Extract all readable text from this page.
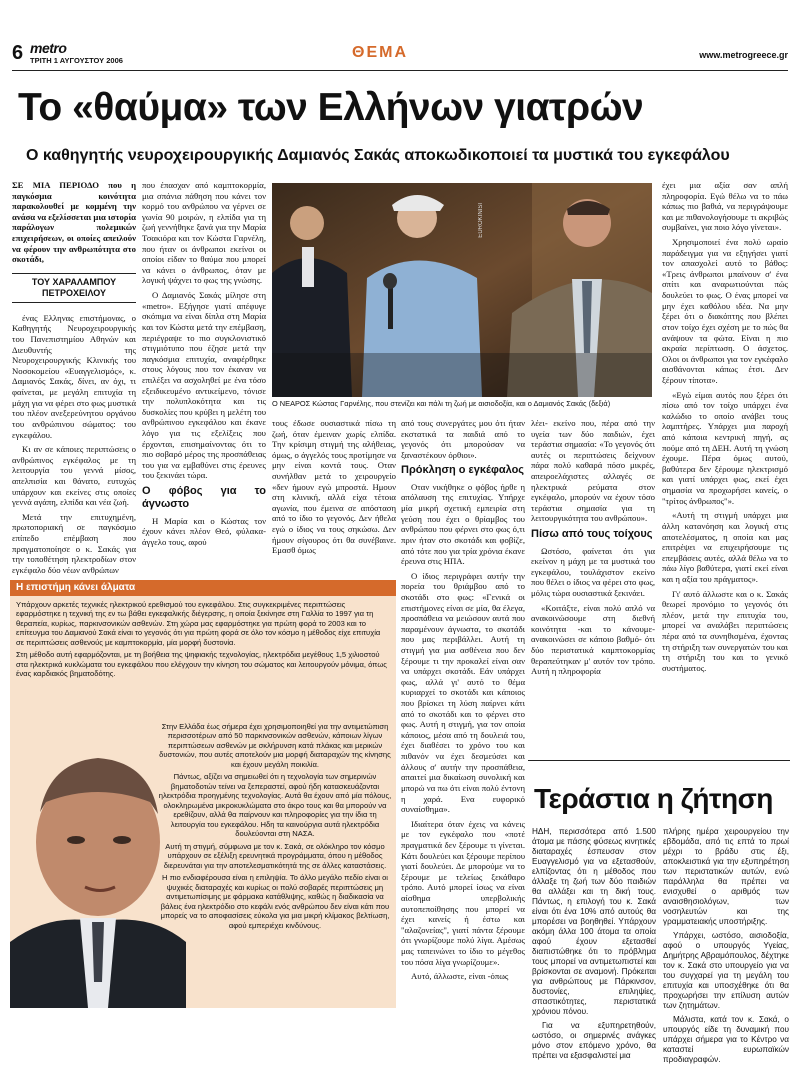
6 metro
ΤΡΙΤΗ 1 ΑΥΓΟΥΣΤΟΥ 2006	ΘΕΜΑ	www.metrogreece.gr
Το «θαύμα» των Ελλήνων γιατρών
Ο καθηγητής νευροχειρουργικής Δαμιανός Σακάς αποκωδικοποιεί τα μυστικά του εγκεφάλου

ΣΕ ΜΙΑ ΠΕΡΙΟΔΟ που η παγκόσμια κοινότητα παρακολουθεί με κομμένη την ανάσα να εξελίσσεται μια ιστορία παράλογων πολεμικών επιχειρήσεων, οι οποίες απειλούν να φέρουν την ανθρωπότητα στο σκοτάδι,

ΤΟΥ ΧΑΡΑΛΑΜΠΟΥ
ΠΕΤΡΟΧΕΙΛΟΥ

ένας Ελληνας επιστήμονας, ο Καθηγητής Νευροχειρουργικής του Πανεπιστημίου Αθηνών και Διευθυντής της Νευροχειρουργικής Κλινικής του Νοσοκομείου «Ευαγγελισμός», κ. Δαμιανός Σακάς, δίνει, αν όχι, τι φαίνεται, με μεγάλη επιτυχία τη μάχη για να φέρει στο φως μυστικά του πλέον ανεξερεύνητου οργάνου του ανθρώπινου σώματος: του εγκεφάλου.

Κι αν σε κάποιες περιπτώσεις ο ανθρώπινος εγκέφαλος με τη λειτουργία του γεννά μίσος, απελπισία και θάνατο, ευτυχώς υπάρχουν και εκείνες στις οποίες γεννά αγάπη, ελπίδα και νέα ζωή.

Μετά την επιτυχημένη, πρωτοποριακή σε παγκόσμιο επίπεδο επέμβαση που πραγματοποίησε ο κ. Σακάς για την τοποθέτηση ηλεκτροδίων στον εγκέφαλο δύο νέων ανθρώπων

που έπασχαν από καμπτοκορμία, μια σπάνια πάθηση που κάνει τον κορμό του ανθρώπου να γέρνει σε γωνία 90 μοιρών, η ελπίδα για τη ζωή γεννήθηκε ξανά για την Μαρία Τσακιόρα και τον Κώστα Γαρνέλη, που ήταν οι άνθρωποι εκείνοι οι οποίοι είδαν το θαύμα που μπορεί να κάνει ο άνθρωπος, όταν με λογική ψάχνει το φως της γνώσης.

Ο Δαμιανός Σακάς μίλησε στη «metro». Εξήγησε γιατί απέφυγε σκόπιμα να είναι δίπλα στη Μαρία και τον Κώστα μετά την επέμβαση, περιέγραψε το πιο συγκλονιστικό στιγμιότυπο που έζησε μετά την παγκόσμια επιτυχία, αναφέρθηκε στους λόγους που τον έκαναν να επιλέξει να ασχοληθεί με ένα τόσο εξειδικευμένο αντικείμενο, τόνισε την πολυπλοκότητα και τις δυσκολίες που κρύβει η μελέτη του ανθρώπινου εγκεφάλου και έκανε λόγο για τις εξελίξεις που έρχονται, επισημαίνοντας ότι το πιο σοβαρό μέρος της προσπάθειας του για να εμβαθύνει στις έρευνες του ξεκινάει τώρα.

Ο φόβος για το άγνωστο

Η Μαρία και ο Κώστας τον έχουν κάνει πλέον Θεό, φύλακα-άγγελο τους, αφού

EUROKINISI
Ο ΝΕΑΡΟΣ Κώστας Γαρνέλης, που στενίζει και πάλι τη ζωή με αισιοδοξία, και ο Δαμιανός Σακάς (δεξιά)

τους έδωσε ουσιαστικά πίσω τη ζωή, όταν έμειναν χωρίς ελπίδα. Την κρίσιμη στιγμή της αλήθειας, όμως, ο άγγελός τους προτίμησε να μην είναι κοντά τους. Οταν συνήλθαν μετά το χειρουργείο «δεν ήμουν εγώ μπροστά. Ημουν στη κλινική, αλλά είχα τέτοια αγωνία, που έμεινα σε απόσταση από το ίδιο το γεγονός. Δεν ήθελα εγώ ο ίδιος να τους σηκώσω. Δεν ήμουν σίγουρος ότι θα συνέβαινε. Εμασθ όμως

από τους συνεργάτες μου ότι ήταν εκστατικά τα παιδιά από το γεγονός ότι μπορούσαν να ξαναστέκουν όρθιοι».

Πρόκληση ο εγκέφαλος

Οταν νικήθηκε ο φόβος ήρθε η απόλαυση της επιτυχίας. Υπήρχε μία μικρή σχετική εμπειρία στη γεύση που έχει ο θρίαμβος του ανθρώπου που φέρνει στο φως ό,τι πριν ήταν στο σκοτάδι και φοβίζε, από τότε που για τρία χρόνια έκανε έρευνα στις ΗΠΑ.

Ο ίδιος περιγράφει αυτήν την πορεία του θριάμβου από το σκοτάδι στο φως: «Γενικά οι επιστήμονες είναι σε μία, θα έλεγα, προσπάθεια να μειώσουν αυτά που παραμένουν άγνωστα, το σκοτάδι που μας περιβάλλει. Αυτή τη στιγμή για μια ασθένεια που δεν ξέρουμε τι την προκαλεί είναι σαν να υπάρχει σκοτάδι. Εάν υπάρχει φως, αλλά γι' αυτό το θέμα κυριαρχεί το σκοτάδι και κάποιος που βρίσκει τη λύση παίρνει κάτι από το σκοτάδι και το φέρνει στο φως. Αυτή η στιγμή, για τον οποία κάποιος, μέσα από τη δουλειά του, έχει διαθέσει το χρόνο του και πιθανόν να έχει δεσμεύσει και άλλους σ' αυτήν την προσπάθεια, απαιτεί μια δικαίωση συνολική και μπορώ να πω ότι είναι πολύ έντονη η χαρά. Ενα ευφορικό συναίσθημα».

Ιδιαίτερα όταν έχεις να κάνεις με τον εγκέφαλο που «ποτέ πραγματικά δεν ξέρουμε τι γίνεται. Κάτι δουλεύει και ξέρουμε περίπου γιατί δουλεύει. Δε μπορούμε να το ξέρουμε με τελείως ξεκάθαρο τρόπο. Αυτό μπορεί ίσως να είναι αίσθημα υπερβολικής αυτοπεποίθησης που μπορεί να έχει κανείς ή έστω και "αλαζονείας", γιατί πάντα ξέρουμε ότι γνωρίζουμε πολύ λίγα. Αμέσως μας ταπεινώνει το ίδιο το μέγεθος του πόσα λίγα γνωρίζουμε».

Αυτό, άλλωστε, είναι -όπως

λέει- εκείνο που, πέρα από την υγεία των δύο παιδιών, έχει τεράστια σημασία: «Το γεγονός ότι αυτές οι περιπτώσεις δείχνουν πάρα πολύ καθαρά πόσο μικρές, απειροελάχιστες αλλαγές σε ηλεκτρικά ρεύματα στον εγκέφαλο, μπορούν να έχουν τόσο τεράστια σημασία για τη λειτουργικότητα του ανθρώπου».

Πίσω από τους τοίχους

Ωστόσο, φαίνεται ότι για εκείνον η μάχη με τα μυστικά του εγκεφάλου, τουλάχιστον εκείνο που θέλει ο ίδιος να φέρει στο φως, μόλις τώρα ουσιαστικά ξεκινάει.

«Κοιτάξτε, είναι πολύ απλό να ανακοινώσουμε στη διεθνή κοινότητα -και το κάνουμε- ανακοινώσει σε κάποιο βαθμό- ότι δύο περιστατικά καμπτοκορμίας θεραπεύτηκαν μ' αυτόν τον τρόπο. Αυτή η πληροφορία

έχει μια αξία σαν απλή πληροφορία. Εγώ θέλω να το πάω κάπως πιο βαθιά, να περιγράψουμε και με πιθανολογήσουμε τι ακριβώς συμβαίνει, για ποιο λόγο γίνεται».

Χρησιμοποιεί ένα πολύ ωραίο παράδειγμα για να εξηγήσει γιατί τον απασχολεί αυτό το βάθος: «Τρεις άνθρωποι μπαίνουν σ' ένα σπίτι και αναρωτιούνται πώς δουλεύει το φως. Ο ένας μπορεί να μην έχει καθόλου ιδέα. Να μην ξέρει ότι ο διακόπτης που βλέπει στον τοίχο έχει σχέση με το πώς θα ανάψουν τα φώτα. Είναι η πιο ακραία περίπτωση. Ο άσχετος. Ολοι οι άνθρωποι για τον εγκέφαλο αισθάνονται κάπως έτσι. Δεν ξέρουν τίποτα».

«Εγώ είμαι αυτός που ξέρει ότι πίσω από τον τοίχο υπάρχει ένα καλώδιο το οποίο ανάβει τους λαμπτήρες. Υπάρχει μια παροχή από κάποια κεντρική πηγή, ας πούμε από τη ΔΕΗ. Αυτή τη γνώση έχουμε. Πέρα όμως αυτού, βαθύτερα δεν ξέρουμε ηλεκτρισμό και γιατί υπάρχει φως, εκεί έχει σημασία να προχωρήσει κανείς, ο "τρίτος άνθρωπος"».

«Αυτή τη στιγμή υπάρχει μια άλλη κατανόηση και λογική στις αποτελέσματος, η οποία και μας επιτρέψει να επιχειρήσουμε τις επεμβάσεις αυτές, αλλά θέλω να το πάω λίγο βαθύτερα, γιατί εκεί είναι και η αξία του πράγματος».

Γι' αυτό άλλωστε και ο κ. Σακάς θεωρεί προνόμιο το γεγονός ότι πλέον, μετά την επιτυχία του, μπορεί να αναλάβει περιπτώσεις πέρα από τα συνηθισμένα, έχοντας τη στήριξη των συνεργατών του και τη στήριξη του και το γενικό συστήματος.

Η επιστήμη κάνει άλματα

Υπάρχουν αρκετές τεχνικές ηλεκτρικού ερεθισμού του εγκεφάλου. Στις συγκεκριμένες περιπτώσεις εφαρμόστηκε η τεχνική της εν τω βάθει εγκεφαλικής διέγερσης, η οποία ξεκίνησε στη Γαλλία το 1997 για τη θεραπεία, κυρίως, παρκινσονικών ασθενών. Στη χώρα μας εφαρμόστηκε για πρώτη φορά το 2003 και το επίτευγμα του Δαμιανού Σακά είναι το γεγονός ότι για πρώτη φορά σε όλο τον κόσμο η μέθοδος είχε επιτυχία σε περιπτώσεις ασθενούς με καμπτοκορμία, μία μορφή δυστονία.

Στη μέθοδο αυτή εφαρμόζονται, με τη βοήθεια της ψηφιακής τεχνολογίας, ηλεκτρόδια μεγέθους 1,5 χιλιοστού στα ηλεκτρικά κυκλώματα του εγκεφάλου που ελέγχουν την κίνηση του σώματος και λειτουργούν μόνιμα, όπως ένας καρδιακός βηματοδότης.

Στην Ελλάδα έως σήμερα έχει χρησιμοποιηθεί για την αντιμετώπιση περισσοτέρων από 50 παρκινσονικών ασθενών, κάποιων λίγων περιπτώσεων ασθενών με σκλήρυνση κατά πλάκας και μερικών δυστονιών, που αυτές αποτελούν μια μορφή διαταραχών της κίνησης και έχουν μεγάλη ποικιλία.

Πάντως, αξίζει να σημειωθεί ότι η τεχνολογία των σημερινών βηματοδοτών τείνει να ξεπεραστεί, αφού ήδη κατασκευάζονται ηλεκτρόδια προηγμένης τεχνολογίας. Αυτά θα έχουν από μία πόλους, ολοκληρωμένα μικροκυκλώματα στο άκρο τους και θα μπορούν να ερεθίζουν, αλλά θα παίρνουν και πληροφορίες για την ίδια τη λειτουργία του εγκεφάλου. Ηδη τα καινούργια αυτά ηλεκτρόδια δουλεύονται στη ΝΑΣΑ.

Αυτή τη στιγμή, σύμφωνα με τον κ. Σακά, σε ολόκληρο τον κόσμο υπάρχουν σε εξέλιξη ερευνητικά προγράμματα, όπου η μέθοδος διερευνάται για την αποτελεσματικότητά της σε άλλες καταστάσεις.

Η πιο ενδιαφέρουσα είναι η επιληψία. Το άλλο μεγάλο πεδίο είναι οι ψυχικές διαταραχές και κυρίως οι πολύ σοβαρές περιπτώσεις μη αντιμετωπίσιμης με φάρμακα κατάθλιψης, καθώς η διαδικασία να βάλεις ένα ηλεκτρόδιο στο κεφάλι ενός ανθρώπου δεν είναι κάτι που μπορείς να το αποφασίσεις εύκολα για μια μικρή κλίμακος βελτίωση, αφού εμπεριέχει κινδύνους.

Τεράστια η ζήτηση

ΗΔΗ, περισσότερα από 1.500 άτομα με πάσης φύσεως κινητικές διαταραχές έσπευσαν στον Ευαγγελισμό για να εξετασθούν, ελπίζοντας ότι η μέθοδος που άλλαξε τη ζωή των δύο παιδιών θα αλλάξει και τη δική τους. Πάντως, η επιλογή του κ. Σακά είναι ότι ένα 10% από αυτούς θα μπορέσει να βοηθηθεί. Υπάρχουν ακόμη άλλα 100 άτομα τα οποία αφού έχουν εξετασθεί διαπιστώθηκε ότι το πρόβλημα τους μπορεί να αντιμετωπιστεί και βρίσκονται σε αναμονή. Πρόκειται για ανθρώπους με Πάρκινσον, δυστονίες, επιληψίες, σπαστικότητες, περιστατικά χρόνιου πόνου.

Για να εξυπηρετηθούν, ωστόσο, οι σημερινές ανάγκες μόνο στον επόμενο χρόνο, θα πρέπει να εξασφαλιστεί μια

πλήρης ημέρα χειρουργείου την εβδομάδα, από τις επτά το πρωί μέχρι το βράδυ στις έξι, αποκλειστικά για την εξυπηρέτηση των περιστατικών αυτών, ενώ παράλληλα θα πρέπει να ενισχυθεί ο αριθμός των αναισθησιολόγων, των νοσηλευτών και της γραμματειακής υποστήριξης.

Υπάρχει, ωστόσο, αισιοδοξία, αφού ο υπουργός Υγείας, Δημήτρης Αβραμόπουλος, δέχτηκε τον κ. Σακά στο υπουργείο για να του συγχαρεί για τη μεγάλη του επιτυχία και υποσχέθηκε ότι θα προχωρήσει την επίλυση αυτών των ζητημάτων.

Μάλιστα, κατά τον κ. Σακά, ο υπουργός είδε τη δυναμική που υπάρχει σήμερα για το Κέντρο να καταστεί ευρωπαϊκών προδιαγραφών.
